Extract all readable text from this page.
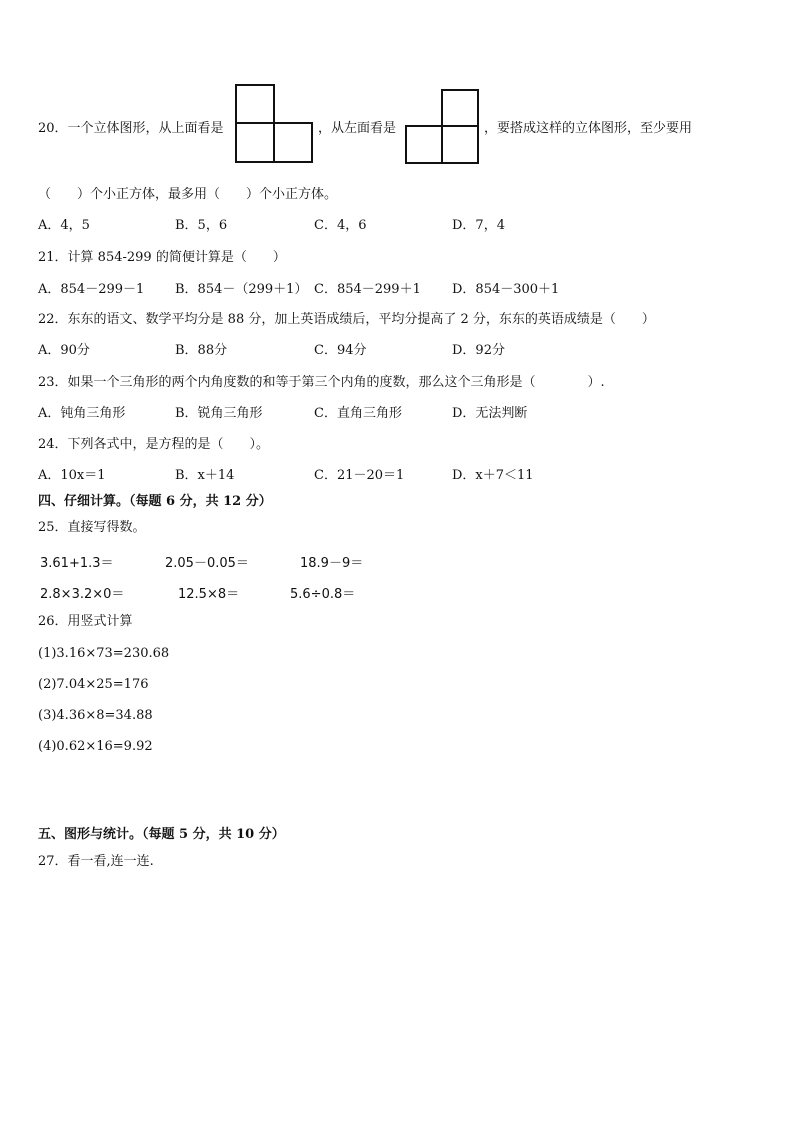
20．一个立体图形，从上面看是	，从左面看是	，要搭成这样的立体图形，至少要用
（　　）个小正方体，最多用（　　）个小正方体。
A．4，5	B．5，6	C．4，6	D．7，4
21．计算 854-299 的简便计算是（　　）
A．854－299－1 B．854－（299＋1） C．854－299＋1 D．854－300＋1
22．东东的语文、数学平均分是 88 分，加上英语成绩后，平均分提高了 2 分，东东的英语成绩是（　　）
A．90分	B．88分	C．94分	D．92分
23．如果一个三角形的两个内角度数的和等于第三个内角的度数，那么这个三角形是（　　　　）.
A．钝角三角形	B．锐角三角形	C．直角三角形	D．无法判断
24．下列各式中，是方程的是（　　）。
A．10x＝1	B．x＋14	C．21－20＝1	D．x＋7＜11
四、仔细计算。（每题 6 分，共 12 分）
25．直接写得数。
3.61+1.3＝	2.05－0.05＝	18.9－9＝
2.8×3.2×0＝	12.5×8＝	5.6÷0.8＝
26．用竖式计算
(1)3.16×73=230.68
(2)7.04×25=176
(3)4.36×8=34.88
(4)0.62×16=9.92
五、图形与统计。（每题 5 分，共 10 分）
27．看一看,连一连.
